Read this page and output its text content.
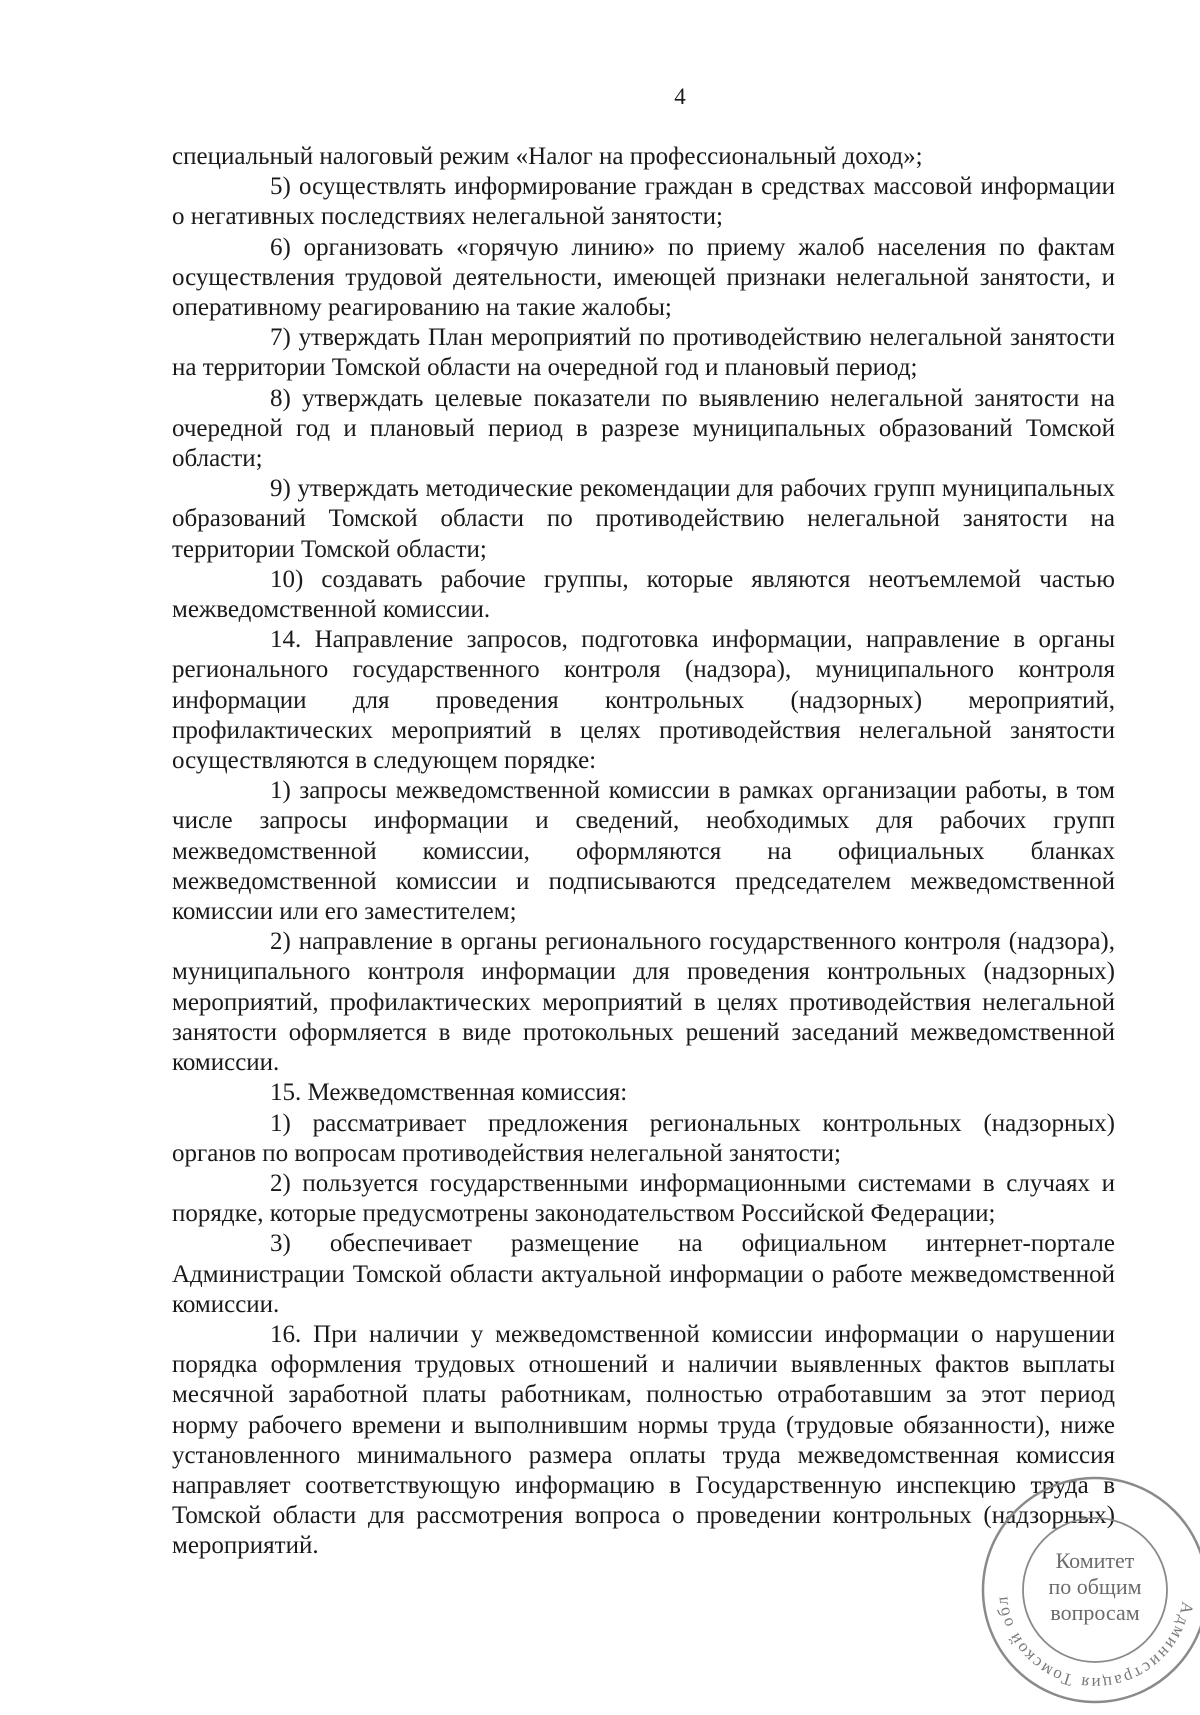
4

специальный налоговый режим «Налог на профессиональный доход»;

5) осуществлять информирование граждан в средствах массовой информации о негативных последствиях нелегальной занятости;

6) организовать «горячую линию» по приему жалоб населения по фактам осуществления трудовой деятельности, имеющей признаки нелегальной занятости, и оперативному реагированию на такие жалобы;

7) утверждать План мероприятий по противодействию нелегальной занятости на территории Томской области на очередной год и плановый период;

8) утверждать целевые показатели по выявлению нелегальной занятости на очередной год и плановый период в разрезе муниципальных образований Томской области;

9) утверждать методические рекомендации для рабочих групп муниципальных образований Томской области по противодействию нелегальной занятости на территории Томской области;

10) создавать рабочие группы, которые являются неотъемлемой частью межведомственной комиссии.

14. Направление запросов, подготовка информации, направление в органы регионального государственного контроля (надзора), муниципального контроля информации для проведения контрольных (надзорных) мероприятий, профилактических мероприятий в целях противодействия нелегальной занятости осуществляются в следующем порядке:

1) запросы межведомственной комиссии в рамках организации работы, в том числе запросы информации и сведений, необходимых для рабочих групп межведомственной комиссии, оформляются на официальных бланках межведомственной комиссии и подписываются председателем межведомственной комиссии или его заместителем;

2) направление в органы регионального государственного контроля (надзора), муниципального контроля информации для проведения контрольных (надзорных) мероприятий, профилактических мероприятий в целях противодействия нелегальной занятости оформляется в виде протокольных решений заседаний межведомственной комиссии.

15. Межведомственная комиссия:

1) рассматривает предложения региональных контрольных (надзорных) органов по вопросам противодействия нелегальной занятости;

2) пользуется государственными информационными системами в случаях и порядке, которые предусмотрены законодательством Российской Федерации;

3) обеспечивает размещение на официальном интернет-портале Администрации Томской области актуальной информации о работе межведомственной комиссии.

16. При наличии у межведомственной комиссии информации о нарушении порядка оформления трудовых отношений и наличии выявленных фактов выплаты месячной заработной платы работникам, полностью отработавшим за этот период норму рабочего времени и выполнившим нормы труда (трудовые обязанности), ниже установленного минимального размера оплаты труда межведомственная комиссия направляет соответствующую информацию в Государственную инспекцию труда в Томской области для рассмотрения вопроса о проведении контрольных (надзорных) мероприятий.

Администрация Томской обл
Комитет
по общим
вопросам
